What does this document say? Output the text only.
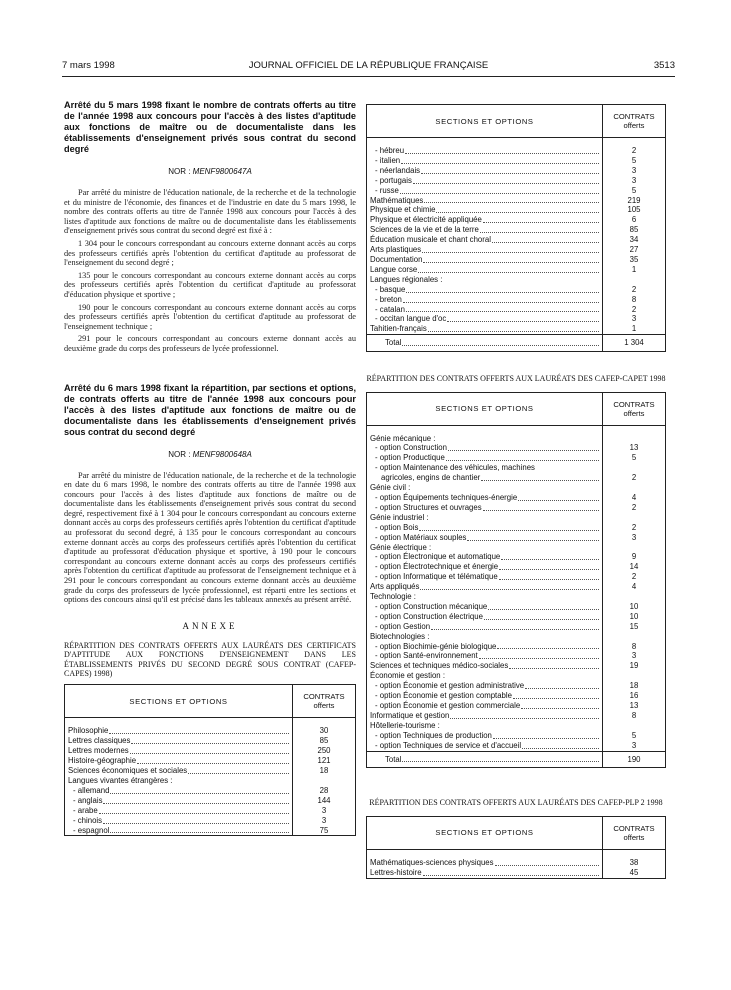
7 mars 1998	JOURNAL OFFICIEL DE LA RÉPUBLIQUE FRANÇAISE	3513

Arrêté du 5 mars 1998 fixant le nombre de contrats offerts au titre de l'année 1998 aux concours pour l'accès à des listes d'aptitude aux fonctions de maître ou de documentaliste dans les établissements d'enseignement privés sous contrat du second degré

NOR : MENF9800647A

Par arrêté du ministre de l'éducation nationale, de la recherche et de la technologie et du ministre de l'économie, des finances et de l'industrie en date du 5 mars 1998, le nombre des contrats offerts au titre de l'année 1998 aux concours pour l'accès à des listes d'aptitude aux fonctions de maître ou de documentaliste dans les établissements d'enseignement privés sous contrat du second degré est fixé à :

1 304 pour le concours correspondant au concours externe donnant accès au corps des professeurs certifiés après l'obtention du certificat d'aptitude au professorat de l'enseignement du second degré ;

135 pour le concours correspondant au concours externe donnant accès au corps des professeurs certifiés après l'obtention du certificat d'aptitude au professorat d'éducation physique et sportive ;

190 pour le concours correspondant au concours externe donnant accès au corps des professeurs certifiés après l'obtention du certificat d'aptitude au professorat de l'enseignement technique ;

291 pour le concours correspondant au concours externe donnant accès au deuxième grade du corps des professeurs de lycée professionnel.

Arrêté du 6 mars 1998 fixant la répartition, par sections et options, de contrats offerts au titre de l'année 1998 aux concours pour l'accès à des listes d'aptitude aux fonctions de maître ou de documentaliste dans les établissements d'enseignement privés sous contrat du second degré

NOR : MENF9800648A

Par arrêté du ministre de l'éducation nationale, de la recherche et de la technologie en date du 6 mars 1998, le nombre des contrats offerts au titre de l'année 1998 aux concours pour l'accès à des listes d'aptitude aux fonctions de maître ou de documentaliste dans les établissements d'enseignement privés sous contrat du second degré, respectivement fixé à 1 304 pour le concours correspondant au concours externe donnant accès au corps des professeurs certifiés après l'obtention du certificat d'aptitude au professorat du second degré, à 135 pour le concours correspondant au concours externe donnant accès au corps des professeurs certifiés après l'obtention du certificat d'aptitude au professorat d'éducation physique et sportive, à 190 pour le concours correspondant au concours externe donnant accès au corps des professeurs certifiés après l'obtention du certificat d'aptitude au professorat de l'enseignement technique et à 291 pour le concours correspondant au concours externe donnant accès au deuxième grade du corps des professeurs de lycée professionnel, est réparti entre les sections et options des concours ainsi qu'il est précisé dans les tableaux annexés au présent arrêté.

ANNEXE

RÉPARTITION DES CONTRATS OFFERTS AUX LAURÉATS DES CERTIFICATS D'APTITUDE AUX FONCTIONS D'ENSEIGNEMENT DANS LES ÉTABLISSEMENTS PRIVÉS DU SECOND DEGRÉ SOUS CONTRAT (CAFEP-CAPES) 1998)

SECTIONS ET OPTIONS	CONTRATS
offerts

Philosophie	30

Lettres classiques	85

Lettres modernes	250

Histoire-géographie	121

Sciences économiques et sociales	18

Langues vivantes étrangères :	

- allemand	28

- anglais	144

- arabe	3

- chinois	3

- espagnol	75
SECTIONS ET OPTIONS	CONTRATS
offerts

- hébreu	2

- italien	5

- néerlandais	3

- portugais	3

- russe	5

Mathématiques	219

Physique et chimie	105

Physique et électricité appliquée	6

Sciences de la vie et de la terre	85

Éducation musicale et chant choral	34

Arts plastiques	27

Documentation	35

Langue corse	1

Langues régionales :	

- basque	2

- breton	8

- catalan	2

- occitan langue d'oc	3

Tahitien-français	1

Total	1 304

RÉPARTITION DES CONTRATS OFFERTS AUX LAURÉATS DES CAFEP-CAPET 1998

SECTIONS ET OPTIONS	CONTRATS
offerts

Génie mécanique :	

- option Construction	13

- option Productique	5

- option Maintenance des véhicules, machines	

agricoles, engins de chantier	2

Génie civil :	

- option Équipements techniques-énergie	4

- option Structures et ouvrages	2

Génie industriel :	

- option Bois	2

- option Matériaux souples	3

Génie électrique :	

- option Électronique et automatique	9

- option Électrotechnique et énergie	14

- option Informatique et télématique	2

Arts appliqués	4

Technologie :	

- option Construction mécanique	10

- option Construction électrique	10

- option Gestion	15

Biotechnologies :	

- option Biochimie-génie biologique	8

- option Santé-environnement	3

Sciences et techniques médico-sociales	19

Économie et gestion :	

- option Économie et gestion administrative	18

- option Économie et gestion comptable	16

- option Économie et gestion commerciale	13

Informatique et gestion	8

Hôtellerie-tourisme :	

- option Techniques de production	5

- option Techniques de service et d'accueil	3

Total	190

RÉPARTITION DES CONTRATS OFFERTS AUX LAURÉATS DES CAFEP-PLP 2 1998

SECTIONS ET OPTIONS	CONTRATS
offerts

Mathématiques-sciences physiques	38

Lettres-histoire	45
